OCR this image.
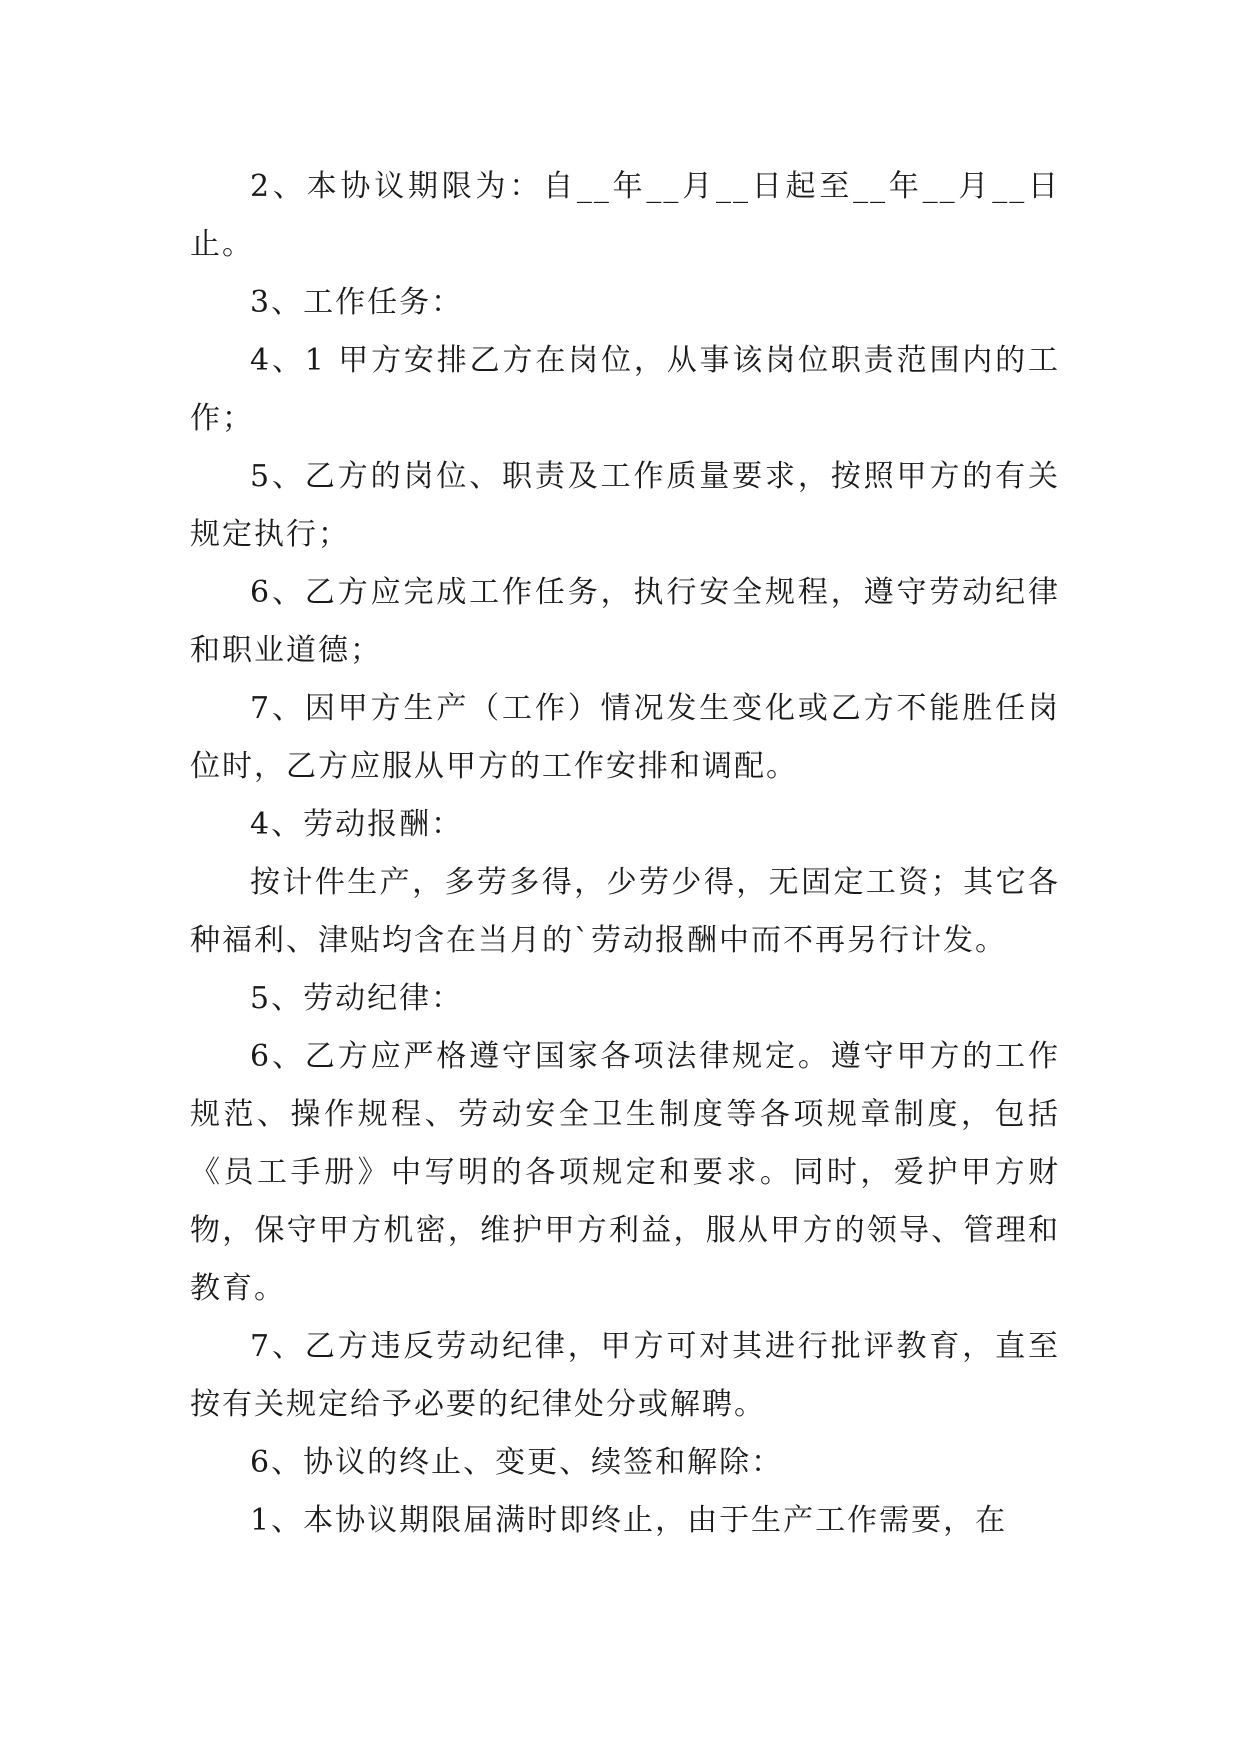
2、本协议期限为：自__年__月__日起至__年__月__日止。

3、工作任务：

4、1 甲方安排乙方在岗位，从事该岗位职责范围内的工作；

5、乙方的岗位、职责及工作质量要求，按照甲方的有关规定执行；

6、乙方应完成工作任务，执行安全规程，遵守劳动纪律和职业道德；

7、因甲方生产（工作）情况发生变化或乙方不能胜任岗位时，乙方应服从甲方的工作安排和调配。

4、劳动报酬：

按计件生产，多劳多得，少劳少得，无固定工资；其它各种福利、津贴均含在当月的`劳动报酬中而不再另行计发。

5、劳动纪律：

6、乙方应严格遵守国家各项法律规定。遵守甲方的工作规范、操作规程、劳动安全卫生制度等各项规章制度，包括《员工手册》中写明的各项规定和要求。同时，爱护甲方财物，保守甲方机密，维护甲方利益，服从甲方的领导、管理和教育。

7、乙方违反劳动纪律，甲方可对其进行批评教育，直至按有关规定给予必要的纪律处分或解聘。

6、协议的终止、变更、续签和解除：

1、本协议期限届满时即终止，由于生产工作需要，在
